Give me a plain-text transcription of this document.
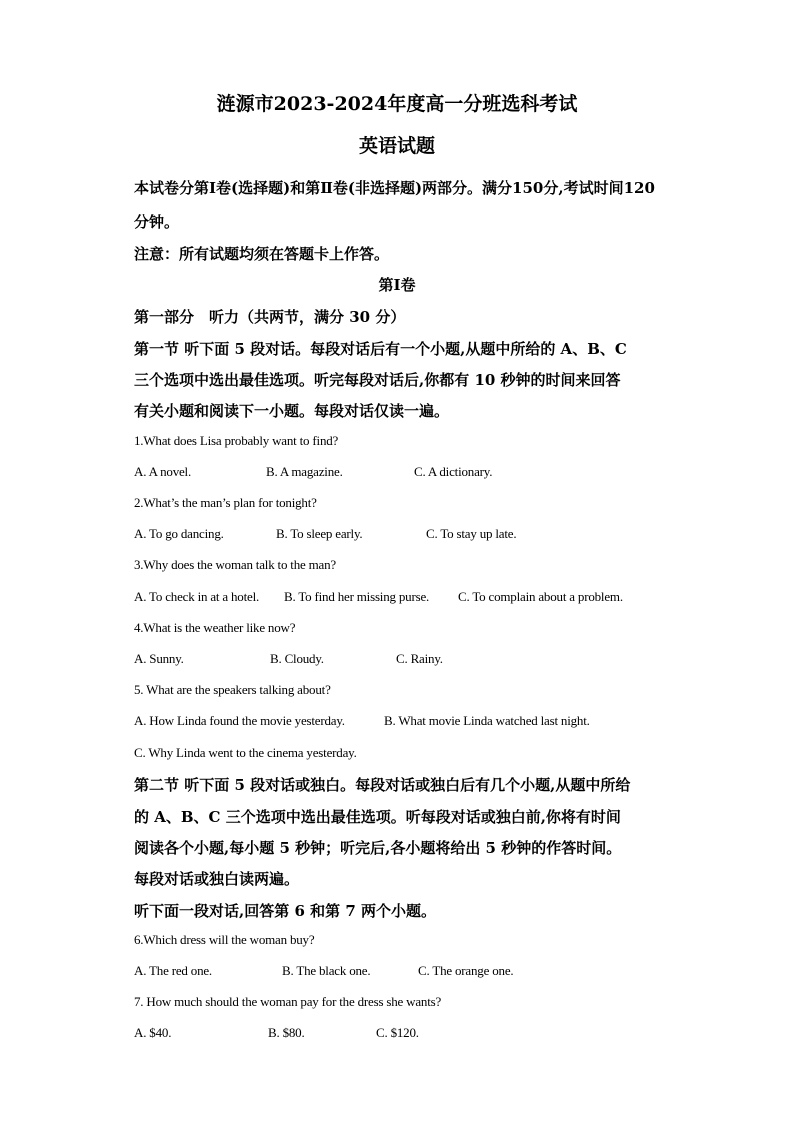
涟源市2023-2024年度高一分班选科考试
英语试题
本试卷分第Ⅰ卷(选择题)和第Ⅱ卷(非选择题)两部分。满分150分,考试时间120
分钟。
注意：所有试题均须在答题卡上作答。
第Ⅰ卷
第一部分　听力（共两节，满分 30 分）
第一节 听下面 5 段对话。每段对话后有一个小题,从题中所给的 A、B、C
三个选项中选出最佳选项。听完每段对话后,你都有 10 秒钟的时间来回答
有关小题和阅读下一小题。每段对话仅读一遍。
1.What does Lisa probably want to find?
A. A novel.	B. A magazine.	C. A dictionary.
2.What’s the man’s plan for tonight?
A. To go dancing.	B. To sleep early.	C. To stay up late.
3.Why does the woman talk to the man?
A. To check in at a hotel. B. To find her missing purse. C. To complain about a problem.
4.What is the weather like now?
A. Sunny.	B. Cloudy.	C. Rainy.
5. What are the speakers talking about?
A. How Linda found the movie yesterday.	B. What movie Linda watched last night.
C. Why Linda went to the cinema yesterday.
第二节 听下面 5 段对话或独白。每段对话或独白后有几个小题,从题中所给
的 A、B、C 三个选项中选出最佳选项。听每段对话或独白前,你将有时间
阅读各个小题,每小题 5 秒钟；听完后,各小题将给出 5 秒钟的作答时间。
每段对话或独白读两遍。
听下面一段对话,回答第 6 和第 7 两个小题。
6.Which dress will the woman buy?
A. The red one.	B. The black one.	C. The orange one.
7. How much should the woman pay for the dress she wants?
A. $40.	B. $80.	C. $120.
